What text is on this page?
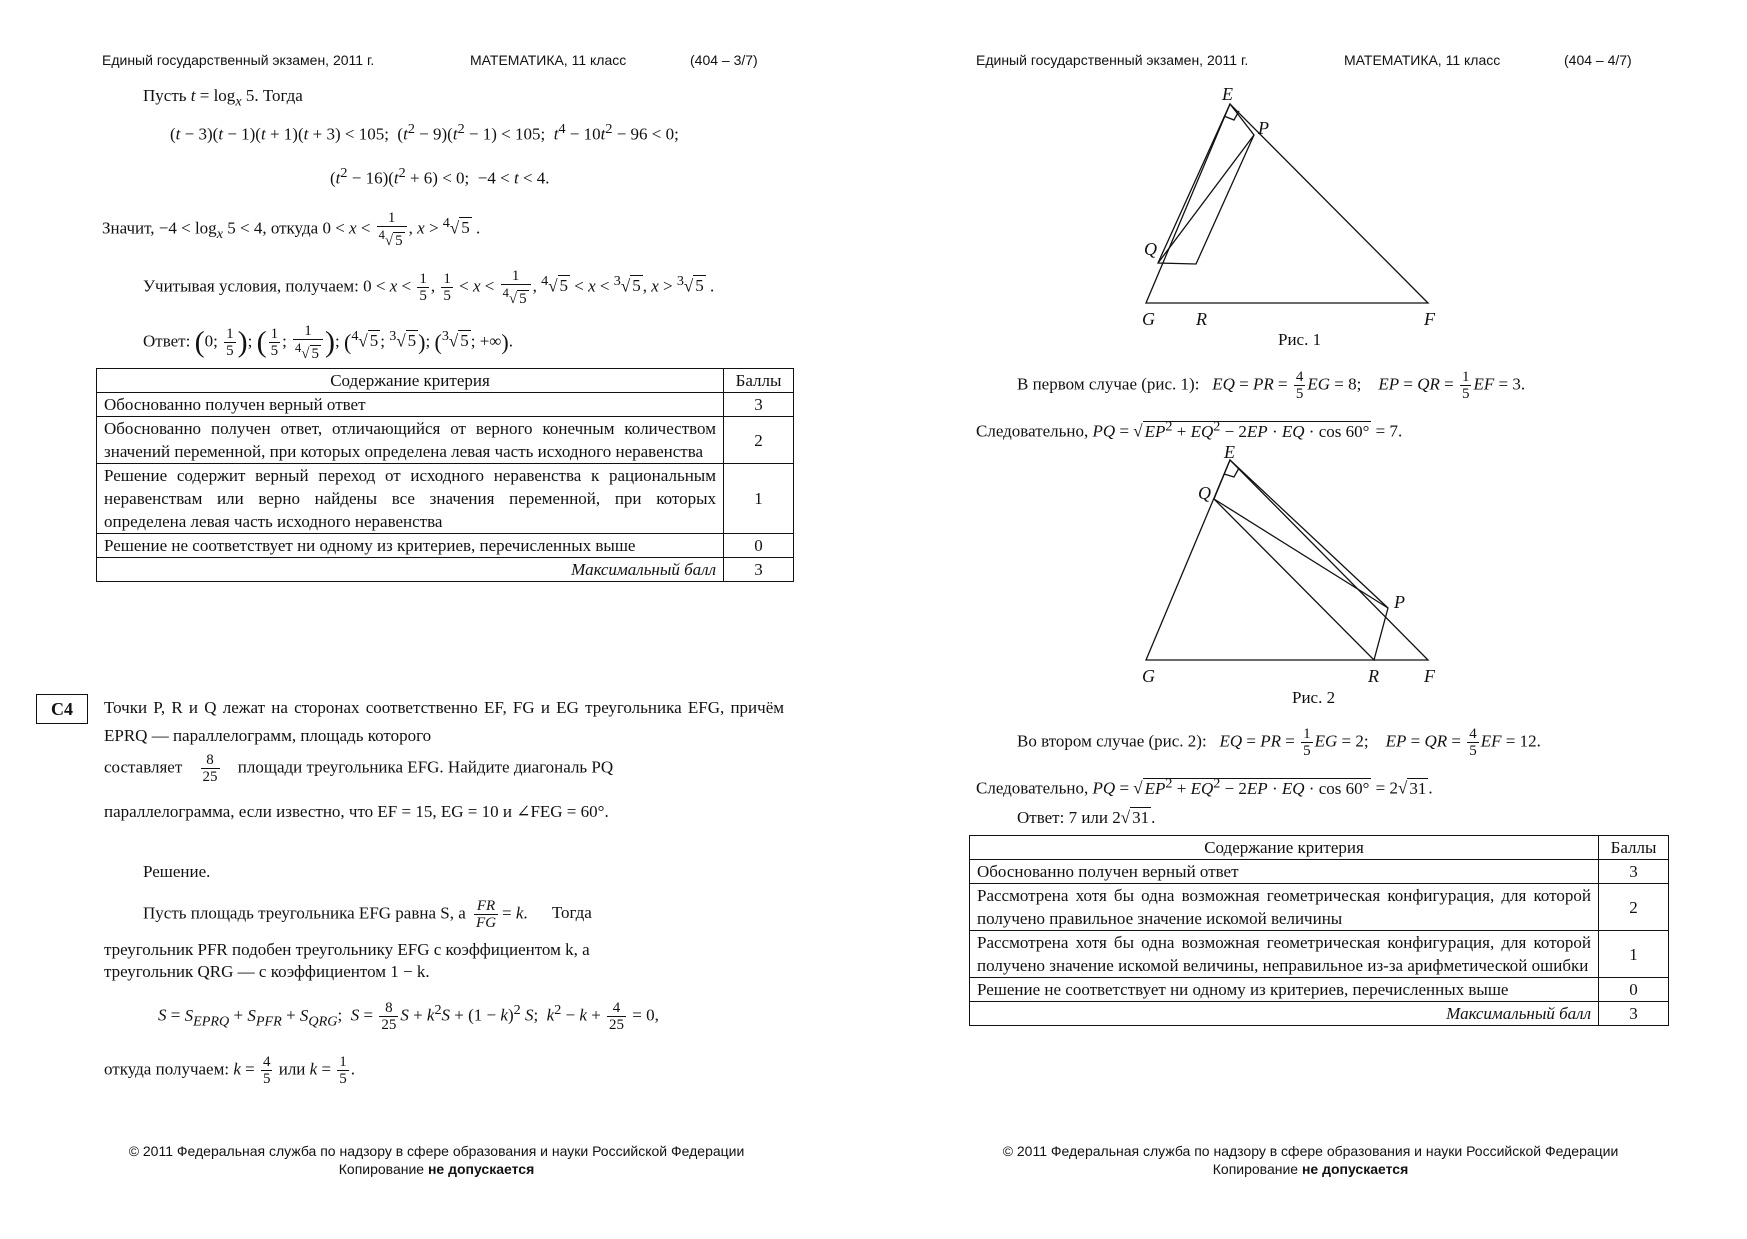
Единый государственный экзамен, 2011 г.	МАТЕМАТИКА, 11 класс	(404 – 3/7)
Пусть $t = \log_x 5$. Тогда
(t − 3)(t − 1)(t + 1)(t + 3) < 105;  $(t^2 - 9)(t^2 - 1) < 105$;  $t^4 - 10t^2 - 96 < 0$;
$(t^2 - 16)(t^2 + 6) < 0$;  −4 < t < 4.
Значит, $-4 < \log_x 5 < 4$, откуда $0 < x < \frac{1}{^4√ 5}$ , x > $^4$√ 5 .
Учитывая условия, получаем: $0 < x < \frac{1}{5}$ , $\frac{1}{5} < x < \frac{1}{^4√ 5}$ , $^4$√ 5 < x < $^3$√ 5 , x > $^3$√ 5 .
Ответ: (0; $\frac{1}{5}$ ); ( $\frac{1}{5}$ ; $\frac{1}{^4√ 5}$ ); ($^4$√ 5 ; $^3$√ 5); ($^3$√ 5 ; +∞).
Содержание критерия	Баллы
Обоснованно получен верный ответ	3
Обоснованно получен ответ, отличающийся от верного конечным количеством значений переменной, при которых определена левая часть исходного неравенства	2
Решение содержит верный переход от исходного неравенства к рациональным неравенствам или верно найдены все значения переменной, при которых определена левая часть исходного неравенства	1
Решение не соответствует ни одному из критериев, перечисленных выше	0
Максимальный балл	3
C4	Точки P, R и Q лежат на сторонах соответственно EF, FG и EG треугольника EFG, причём EPRQ — параллелограмм, площадь которого
составляет $\frac{8}{25}$ площади треугольника EFG. Найдите диагональ PQ
параллелограмма, если известно, что EF = 15, EG = 10 и ∠FEG = 60°.
Решение.
Пусть площадь треугольника EFG равна S, а $\frac{FR}{FG} = k$. Тогда
треугольник PFR подобен треугольнику EFG с коэффициентом k, а
треугольник QRG — с коэффициентом 1 − k.
$S = S_{EPRQ} + S_{PFR} + S_{QRG}$;  $S = \frac{8}{25}$ $S + k^2S + (1 - k)^2$ S;  $k^2 - k + \frac{4}{25} = 0$,
откуда получаем: $k = \frac{4}{5}$ или $k = \frac{1}{5}$ .
© 2011 Федеральная служба по надзору в сфере образования и науки Российской Федерации
Копирование не допускается
Единый государственный экзамен, 2011 г.	МАТЕМАТИКА, 11 класс	(404 – 4/7)
E
P
Q
G R	F
Рис. 1
В первом случае (рис. 1): EQ = PR = $\frac{4}{5}$ EG = 8;    EP = QR = $\frac{1}{5}$ EF = 3.
Следовательно, PQ = √ $EP^2 + EQ^2 - 2EP$ · EQ · cos 60° = 7.
E
P
Q
G	R	F
Рис. 2
Во втором случае (рис. 2): EQ = PR = $\frac{1}{5}$ EG = 2;    EP = QR = $\frac{4}{5}$ EF = 12.
Следовательно, PQ = √ $EP^2 + EQ^2 - 2EP$ · EQ · cos 60° = 2√ 31 .
Ответ: 7 или 2√ 31 .
Содержание критерия	Баллы
Обоснованно получен верный ответ	3
Рассмотрена хотя бы одна возможная геометрическая конфигурация, для которой получено правильное значение искомой величины	2
Рассмотрена хотя бы одна возможная геометрическая конфигурация, для которой получено значение искомой величины, неправильное из-за арифметической ошибки	1
Решение не соответствует ни одному из критериев, перечисленных выше	0
Максимальный балл	3
© 2011 Федеральная служба по надзору в сфере образования и науки Российской Федерации
Копирование не допускается
